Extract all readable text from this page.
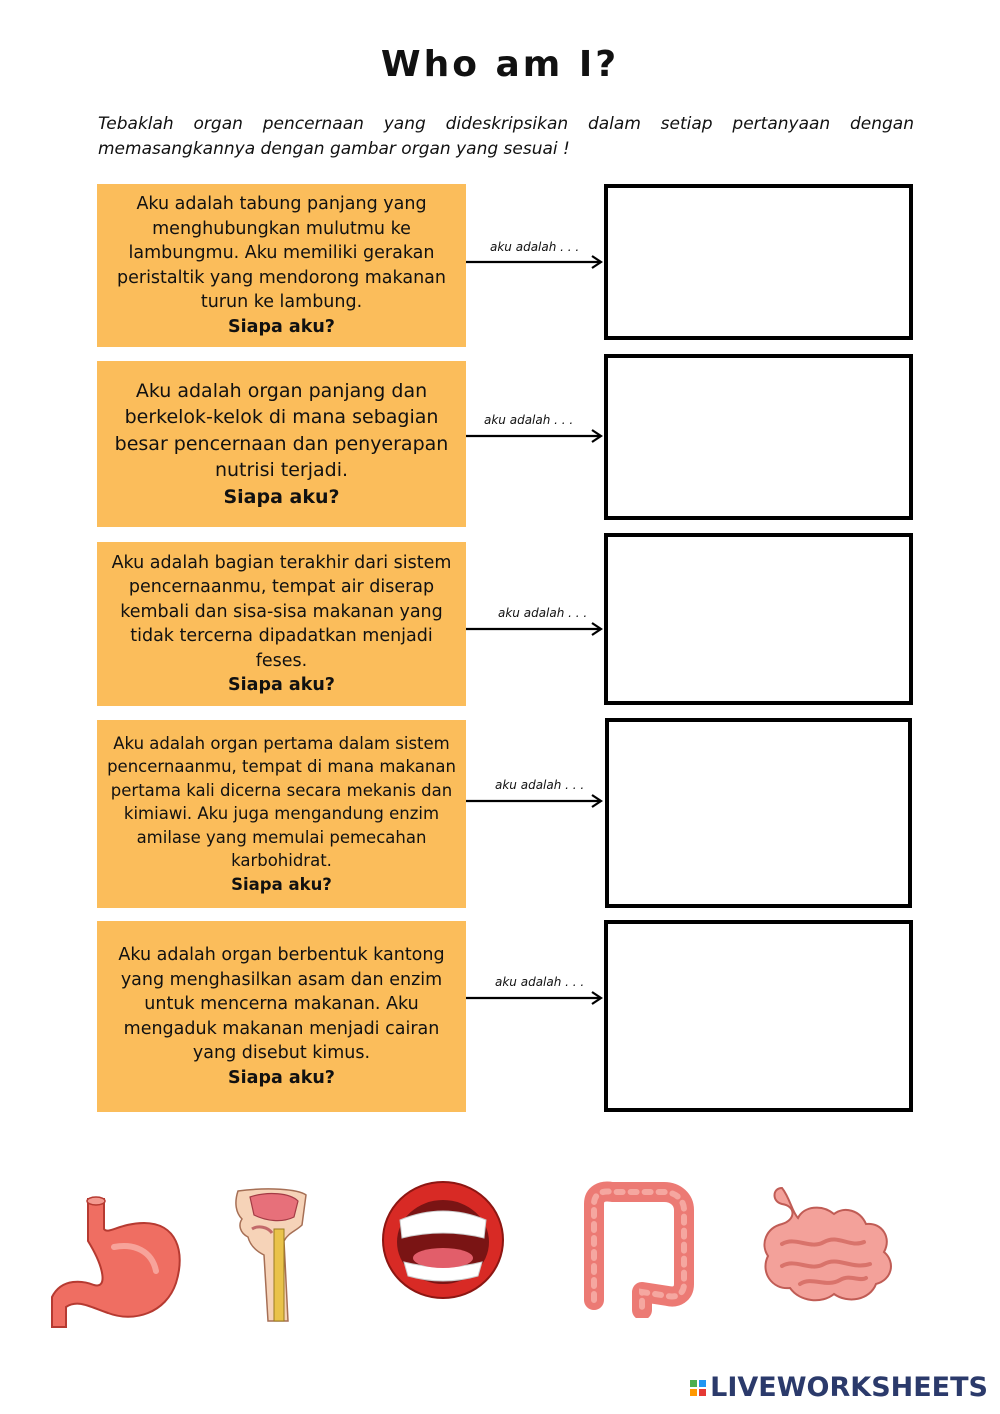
Who am I?
Tebaklah organ pencernaan yang dideskripsikan dalam setiap pertanyaan dengan memasangkannya dengan gambar organ yang sesuai !
Aku adalah tabung panjang yang menghubungkan mulutmu ke lambungmu. Aku memiliki gerakan peristaltik yang mendorong makanan turun ke lambung.
Siapa aku?
aku adalah . . .
Aku adalah organ panjang dan berkelok-kelok di mana sebagian besar pencernaan dan penyerapan nutrisi terjadi.
Siapa aku?
aku adalah . . .
Aku adalah bagian terakhir dari sistem pencernaanmu, tempat air diserap kembali dan sisa-sisa makanan yang tidak tercerna dipadatkan menjadi feses.
Siapa aku?
aku adalah . . .
Aku adalah organ pertama dalam sistem pencernaanmu, tempat di mana makanan pertama kali dicerna secara mekanis dan kimiawi. Aku juga mengandung enzim amilase yang memulai pemecahan karbohidrat.
Siapa aku?
aku adalah . . .
Aku adalah organ berbentuk kantong yang menghasilkan asam dan enzim untuk mencerna makanan. Aku mengaduk makanan menjadi cairan yang disebut kimus.
Siapa aku?
aku adalah . . .
LIVEWORKSHEETS
